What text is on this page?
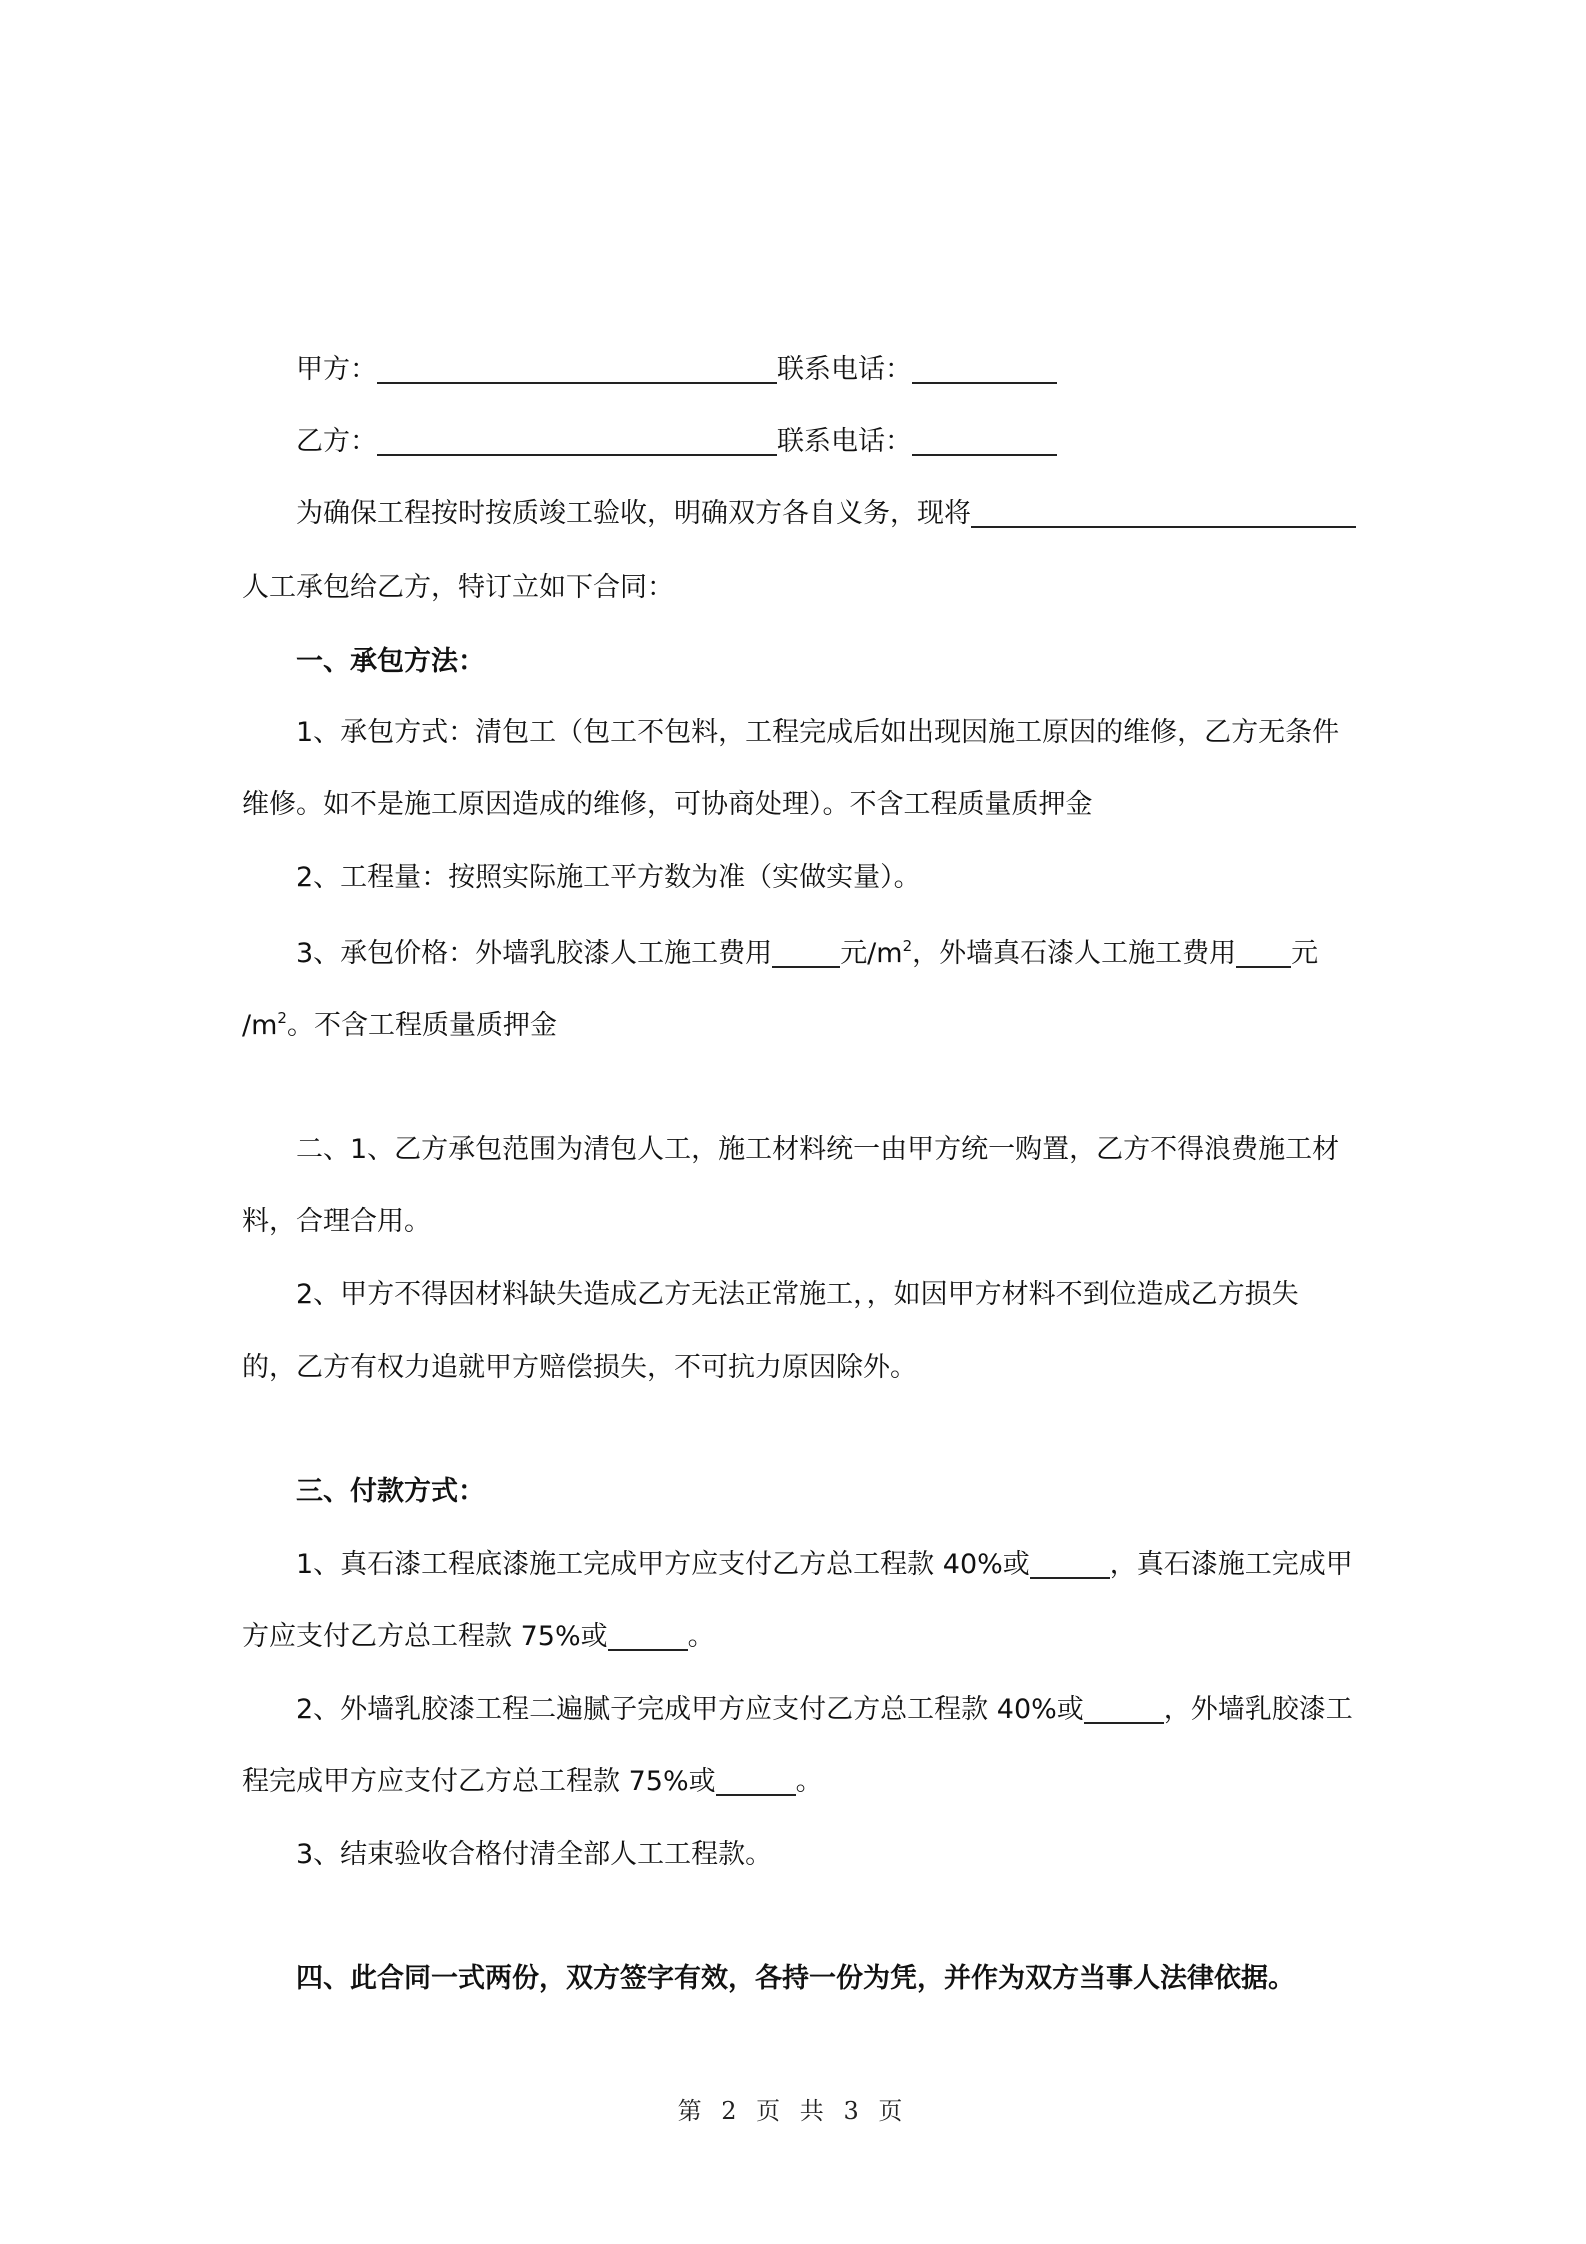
甲方：	联系电话：
乙方：	联系电话：
为确保工程按时按质竣工验收，明确双方各自义务，现将
人工承包给乙方，特订立如下合同：
一、承包方法：
1、承包方式：清包工（包工不包料，工程完成后如出现因施工原因的维修，乙方无条件
维修。如不是施工原因造成的维修，可协商处理）。不含工程质量质押金
2、工程量：按照实际施工平方数为准（实做实量）。
3、承包价格：外墙乳胶漆人工施工费用	元$/m^2$，外墙真石漆人工施工费用 元
$/m^2$。不含工程质量质押金
二、1、乙方承包范围为清包人工，施工材料统一由甲方统一购置，乙方不得浪费施工材
料，合理合用。
2、甲方不得因材料缺失造成乙方无法正常施工，，如因甲方材料不到位造成乙方损失
的，乙方有权力追就甲方赔偿损失，不可抗力原因除外。
三、付款方式：
1、真石漆工程底漆施工完成甲方应支付乙方总工程款 40%或	，真石漆施工完成甲
方应支付乙方总工程款 75%或	。
2、外墙乳胶漆工程二遍腻子完成甲方应支付乙方总工程款 40%或	，外墙乳胶漆工
程完成甲方应支付乙方总工程款 75%或	。
3、结束验收合格付清全部人工工程款。
四、此合同一式两份，双方签字有效，各持一份为凭，并作为双方当事人法律依据。
第 2 页 共 3 页
